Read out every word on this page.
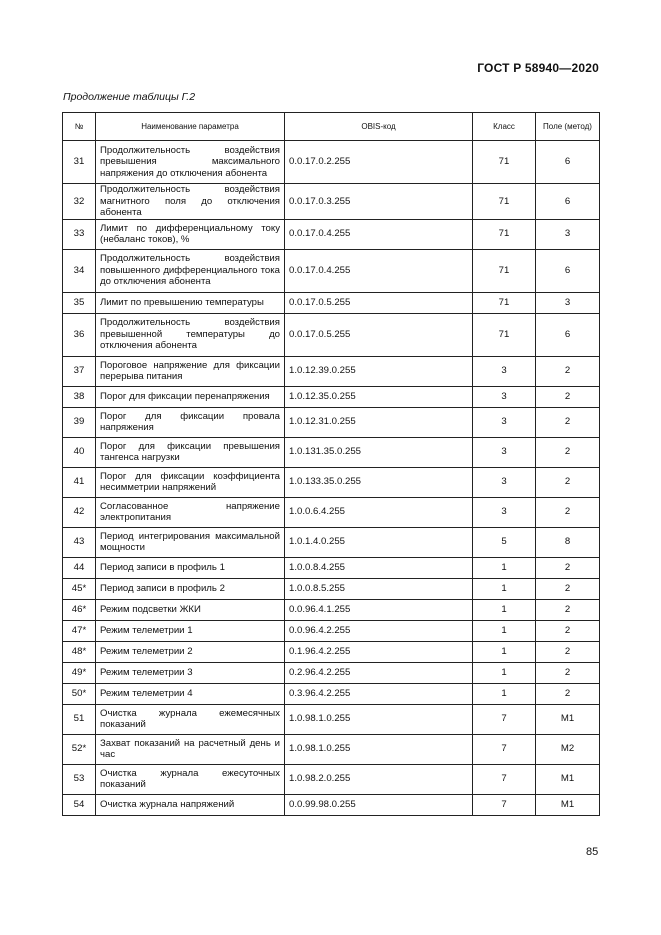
ГОСТ Р 58940—2020
Продолжение таблицы Г.2
№	Наименование параметра	OBIS-код	Класс	Поле (метод)
31	Продолжительность воздействия превышения максимального напряжения до отключения абонента	0.0.17.0.2.255	71	6
32	Продолжительность воздействия магнитного поля до отключения абонента	0.0.17.0.3.255	71	6
33	Лимит по дифференциальному току (небаланс токов), %	0.0.17.0.4.255	71	3
34	Продолжительность воздействия повышенного дифференциального тока до отключения абонента	0.0.17.0.4.255	71	6
35	Лимит по превышению температуры	0.0.17.0.5.255	71	3
36	Продолжительность воздействия превышенной температуры до отключения абонента	0.0.17.0.5.255	71	6
37	Пороговое напряжение для фиксации перерыва питания	1.0.12.39.0.255	3	2
38	Порог для фиксации перенапряжения	1.0.12.35.0.255	3	2
39	Порог для фиксации провала напряжения	1.0.12.31.0.255	3	2
40	Порог для фиксации превышения тангенса нагрузки	1.0.131.35.0.255	3	2
41	Порог для фиксации коэффициента несимметрии напряжений	1.0.133.35.0.255	3	2
42	Согласованное напряжение электропитания	1.0.0.6.4.255	3	2
43	Период интегрирования максимальной мощности	1.0.1.4.0.255	5	8
44	Период записи в профиль 1	1.0.0.8.4.255	1	2
45*	Период записи в профиль 2	1.0.0.8.5.255	1	2
46*	Режим подсветки ЖКИ	0.0.96.4.1.255	1	2
47*	Режим телеметрии 1	0.0.96.4.2.255	1	2
48*	Режим телеметрии 2	0.1.96.4.2.255	1	2
49*	Режим телеметрии 3	0.2.96.4.2.255	1	2
50*	Режим телеметрии 4	0.3.96.4.2.255	1	2
51	Очистка журнала ежемесячных показаний	1.0.98.1.0.255	7	M1
52*	Захват показаний на расчетный день и час	1.0.98.1.0.255	7	M2
53	Очистка журнала ежесуточных показаний	1.0.98.2.0.255	7	M1
54	Очистка журнала напряжений	0.0.99.98.0.255	7	M1
85
